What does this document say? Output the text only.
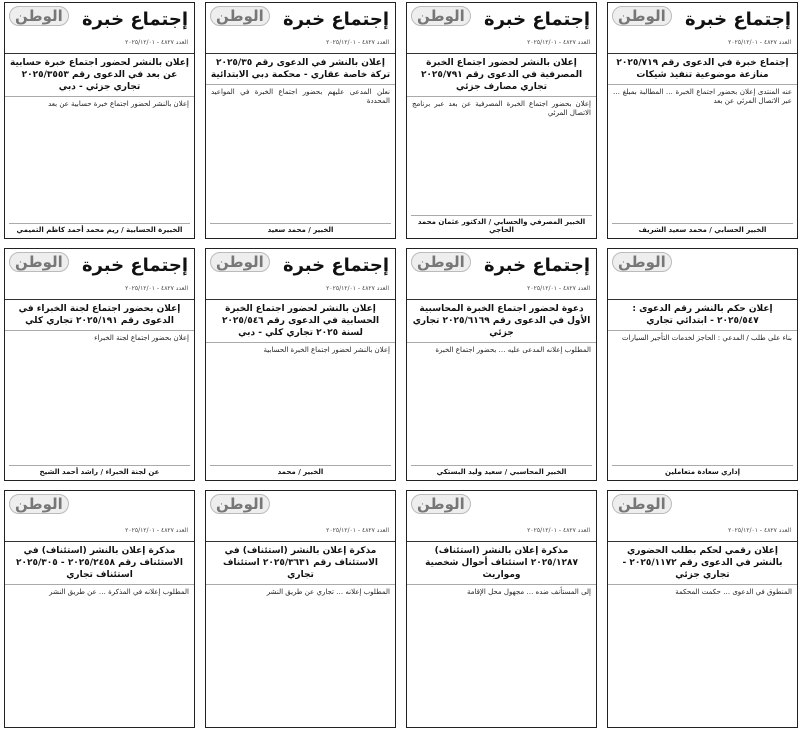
إجتماع خبرة
الوطن
العدد ٤٨٢٧ - ٢٠٢٥/١٢/٠١
إجتماع خبرة في الدعوى رقم ٢٠٢٥/٧١٩ منازعة موضوعية تنفيذ شيكات
عنه المنتدى إعلان بحضور اجتماع الخبرة … المطالبة بمبلغ … عبر الاتصال المرئي عن بعد
الخبير الحسابي / محمد سعيد الشريف
إجتماع خبرة
الوطن
العدد ٤٨٢٧ - ٢٠٢٥/١٢/٠١
إعلان بالنشر لحضور اجتماع الخبرة المصرفية في الدعوى رقم ٢٠٢٥/٧٩١ تجاري مصارف جزئي
إعلان بحضور اجتماع الخبرة المصرفية عن بعد عبر برنامج الاتصال المرئي
الخبير المصرفي والحسابي / الدكتور عثمان محمد الحاجي
إجتماع خبرة
الوطن
العدد ٤٨٢٧ - ٢٠٢٥/١٢/٠١
إعلان بالنشر في الدعوى رقم ٢٠٢٥/٣٥ تركة خاصة عقاري - محكمة دبي الابتدائية
نعلن المدعى عليهم بحضور اجتماع الخبرة في المواعيد المحددة
الخبير / محمد سعيد
إجتماع خبرة
الوطن
العدد ٤٨٢٧ - ٢٠٢٥/١٢/٠١
إعلان بالنشر لحضور اجتماع خبرة حسابية عن بعد في الدعوى رقم ٢٠٢٥/٣٥٥٣ تجاري جزئي - دبي
إعلان بالنشر لحضور اجتماع خبرة حسابية عن بعد
الخبيرة الحسابية / ريم محمد أحمد كاظم التميمي
الوطن
إعلان حكم بالنشر رقم الدعوى : ٢٠٢٥/٥٤٧ - ابتدائي تجاري
بناء على طلب / المدعي : الحاجز لخدمات التأجير السيارات
إداري سعادة متعاملين
إجتماع خبرة
الوطن
العدد ٤٨٢٧ - ٢٠٢٥/١٢/٠١
دعوة لحضور اجتماع الخبرة المحاسبية الأول في الدعوى رقم ٢٠٢٥/٦١٦٩ تجاري جزئي
المطلوب إعلانه المدعى عليه … بحضور اجتماع الخبرة
الخبير المحاسبي / سعيد وليد البستكي
إجتماع خبرة
الوطن
العدد ٤٨٢٧ - ٢٠٢٥/١٢/٠١
إعلان بالنشر لحضور اجتماع الخبرة الحسابية في الدعوى رقم ٢٠٢٥/٥٤٦ لسنة ٢٠٢٥ تجاري كلي - دبي
إعلان بالنشر لحضور اجتماع الخبرة الحسابية
الخبير / محمد
إجتماع خبرة
الوطن
العدد ٤٨٢٧ - ٢٠٢٥/١٢/٠١
إعلان بحضور اجتماع لجنة الخبراء في الدعوى رقم ٢٠٢٥/١٩١ تجاري كلي
إعلان بحضور اجتماع لجنة الخبراء
عن لجنة الخبراء / راشد أحمد الشيخ
الوطن
العدد ٤٨٢٧ - ٢٠٢٥/١٢/٠١
إعلان رقمي لحكم بطلب الحضوري بالنشر في الدعوى رقم ٢٠٢٥/١١٧٢ - تجاري جزئي
المنطوق في الدعوى … حكمت المحكمة
الوطن
العدد ٤٨٢٧ - ٢٠٢٥/١٢/٠١
مذكرة إعلان بالنشر (استئناف) ٢٠٢٥/١٢٨٧ استئناف أحوال شخصية ومواريث
إلى المستأنف ضده … مجهول محل الإقامة
الوطن
العدد ٤٨٢٧ - ٢٠٢٥/١٢/٠١
مذكرة إعلان بالنشر (استئناف) في الاستئناف رقم ٢٠٢٥/٣٦٣١ استئناف تجاري
المطلوب إعلانه … تجاري عن طريق النشر
الوطن
العدد ٤٨٢٧ - ٢٠٢٥/١٢/٠١
مذكرة إعلان بالنشر (استئناف) في الاستئناف رقم ٢٠٢٥/٢٤٥٨ - ٢٠٢٥/٣٠٥ استئناف تجاري
المطلوب إعلانه في المذكرة … عن طريق النشر
